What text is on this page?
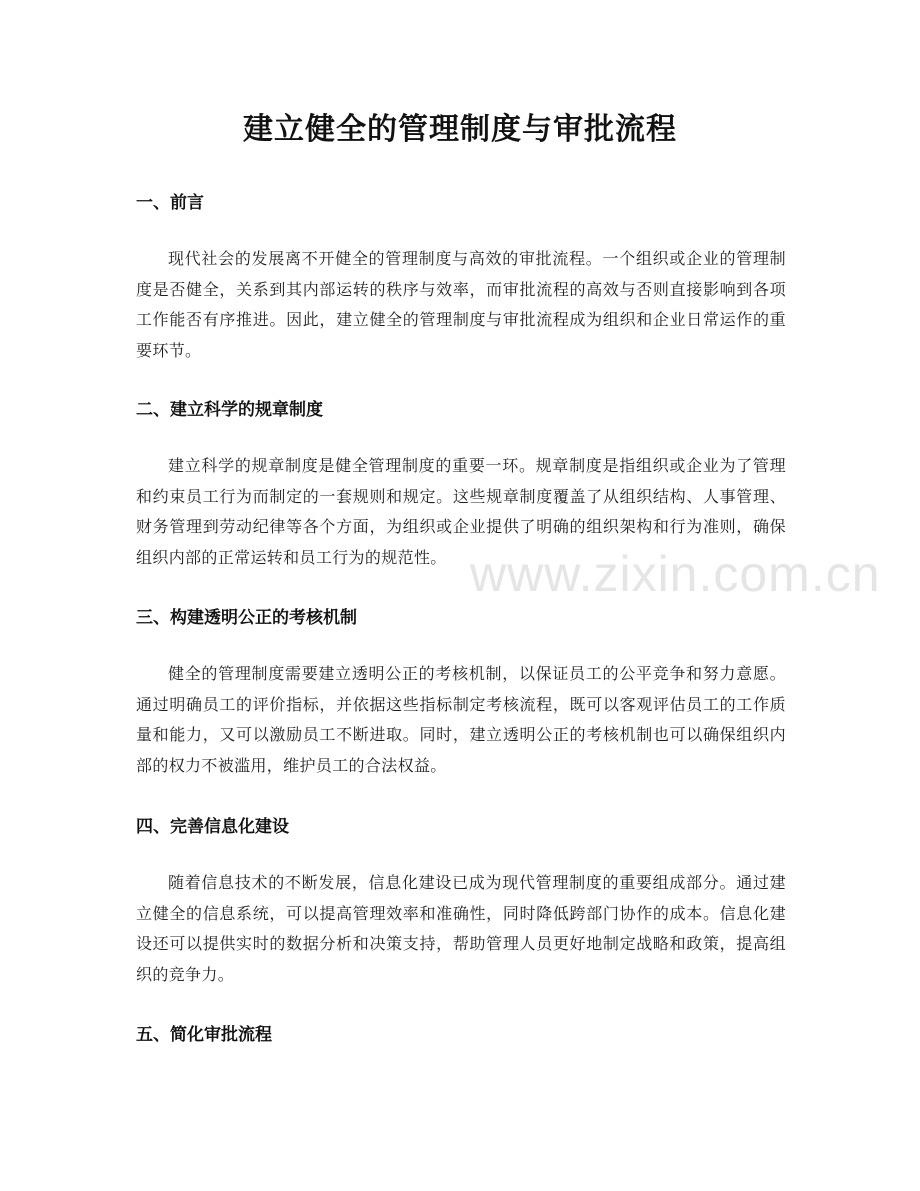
建立健全的管理制度与审批流程
一、前言

现代社会的发展离不开健全的管理制度与高效的审批流程。一个组织或企业的管理制度是否健全，关系到其内部运转的秩序与效率，而审批流程的高效与否则直接影响到各项工作能否有序推进。因此，建立健全的管理制度与审批流程成为组织和企业日常运作的重要环节。

二、建立科学的规章制度

建立科学的规章制度是健全管理制度的重要一环。规章制度是指组织或企业为了管理和约束员工行为而制定的一套规则和规定。这些规章制度覆盖了从组织结构、人事管理、财务管理到劳动纪律等各个方面，为组织或企业提供了明确的组织架构和行为准则，确保组织内部的正常运转和员工行为的规范性。

三、构建透明公正的考核机制

健全的管理制度需要建立透明公正的考核机制，以保证员工的公平竞争和努力意愿。通过明确员工的评价指标，并依据这些指标制定考核流程，既可以客观评估员工的工作质量和能力，又可以激励员工不断进取。同时，建立透明公正的考核机制也可以确保组织内部的权力不被滥用，维护员工的合法权益。

四、完善信息化建设

随着信息技术的不断发展，信息化建设已成为现代管理制度的重要组成部分。通过建立健全的信息系统，可以提高管理效率和准确性，同时降低跨部门协作的成本。信息化建设还可以提供实时的数据分析和决策支持，帮助管理人员更好地制定战略和政策，提高组织的竞争力。

五、简化审批流程
www.zixin.com.cn
